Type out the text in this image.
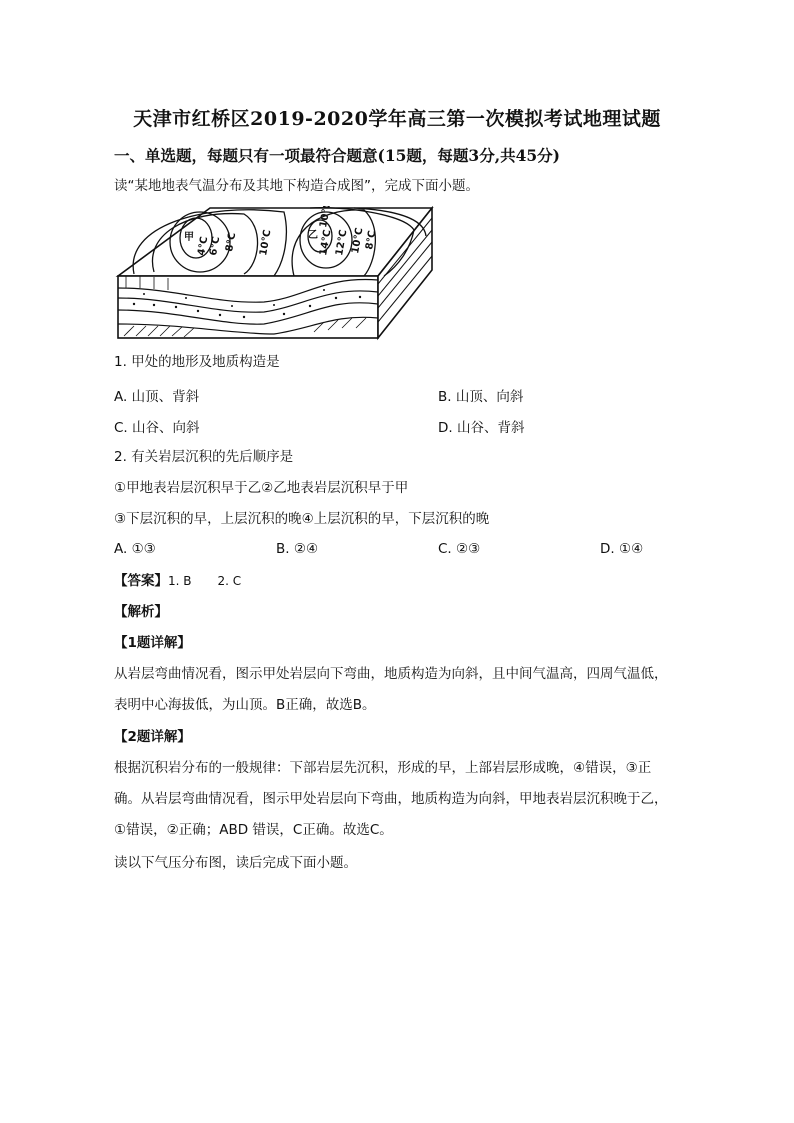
天津市红桥区2019-2020学年高三第一次模拟考试地理试题
一、单选题，每题只有一项最符合题意(15题，每题3分,共45分)
读“某地地表气温分布及其地下构造合成图”，完成下面小题。
甲 4℃
6℃ 8℃ 10℃	乙
10℃
14℃ 12℃ 10℃
8℃
1. 甲处的地形及地质构造是
A. 山顶、背斜	B. 山顶、向斜
C. 山谷、向斜	D. 山谷、背斜
2. 有关岩层沉积的先后顺序是
①甲地表岩层沉积早于乙②乙地表岩层沉积早于甲
③下层沉积的早，上层沉积的晚④上层沉积的早，下层沉积的晚
A. ①③	B. ②④	C. ②③	D. ①④
【答案】1. B 2. C
【解析】
【1题详解】
从岩层弯曲情况看，图示甲处岩层向下弯曲，地质构造为向斜，且中间气温高，四周气温低，
表明中心海拔低，为山顶。B正确，故选B。
【2题详解】
根据沉积岩分布的一般规律：下部岩层先沉积，形成的早，上部岩层形成晚，④错误，③正
确。从岩层弯曲情况看，图示甲处岩层向下弯曲，地质构造为向斜，甲地表岩层沉积晚于乙，
①错误，②正确；ABD 错误，C正确。故选C。
读以下气压分布图，读后完成下面小题。
